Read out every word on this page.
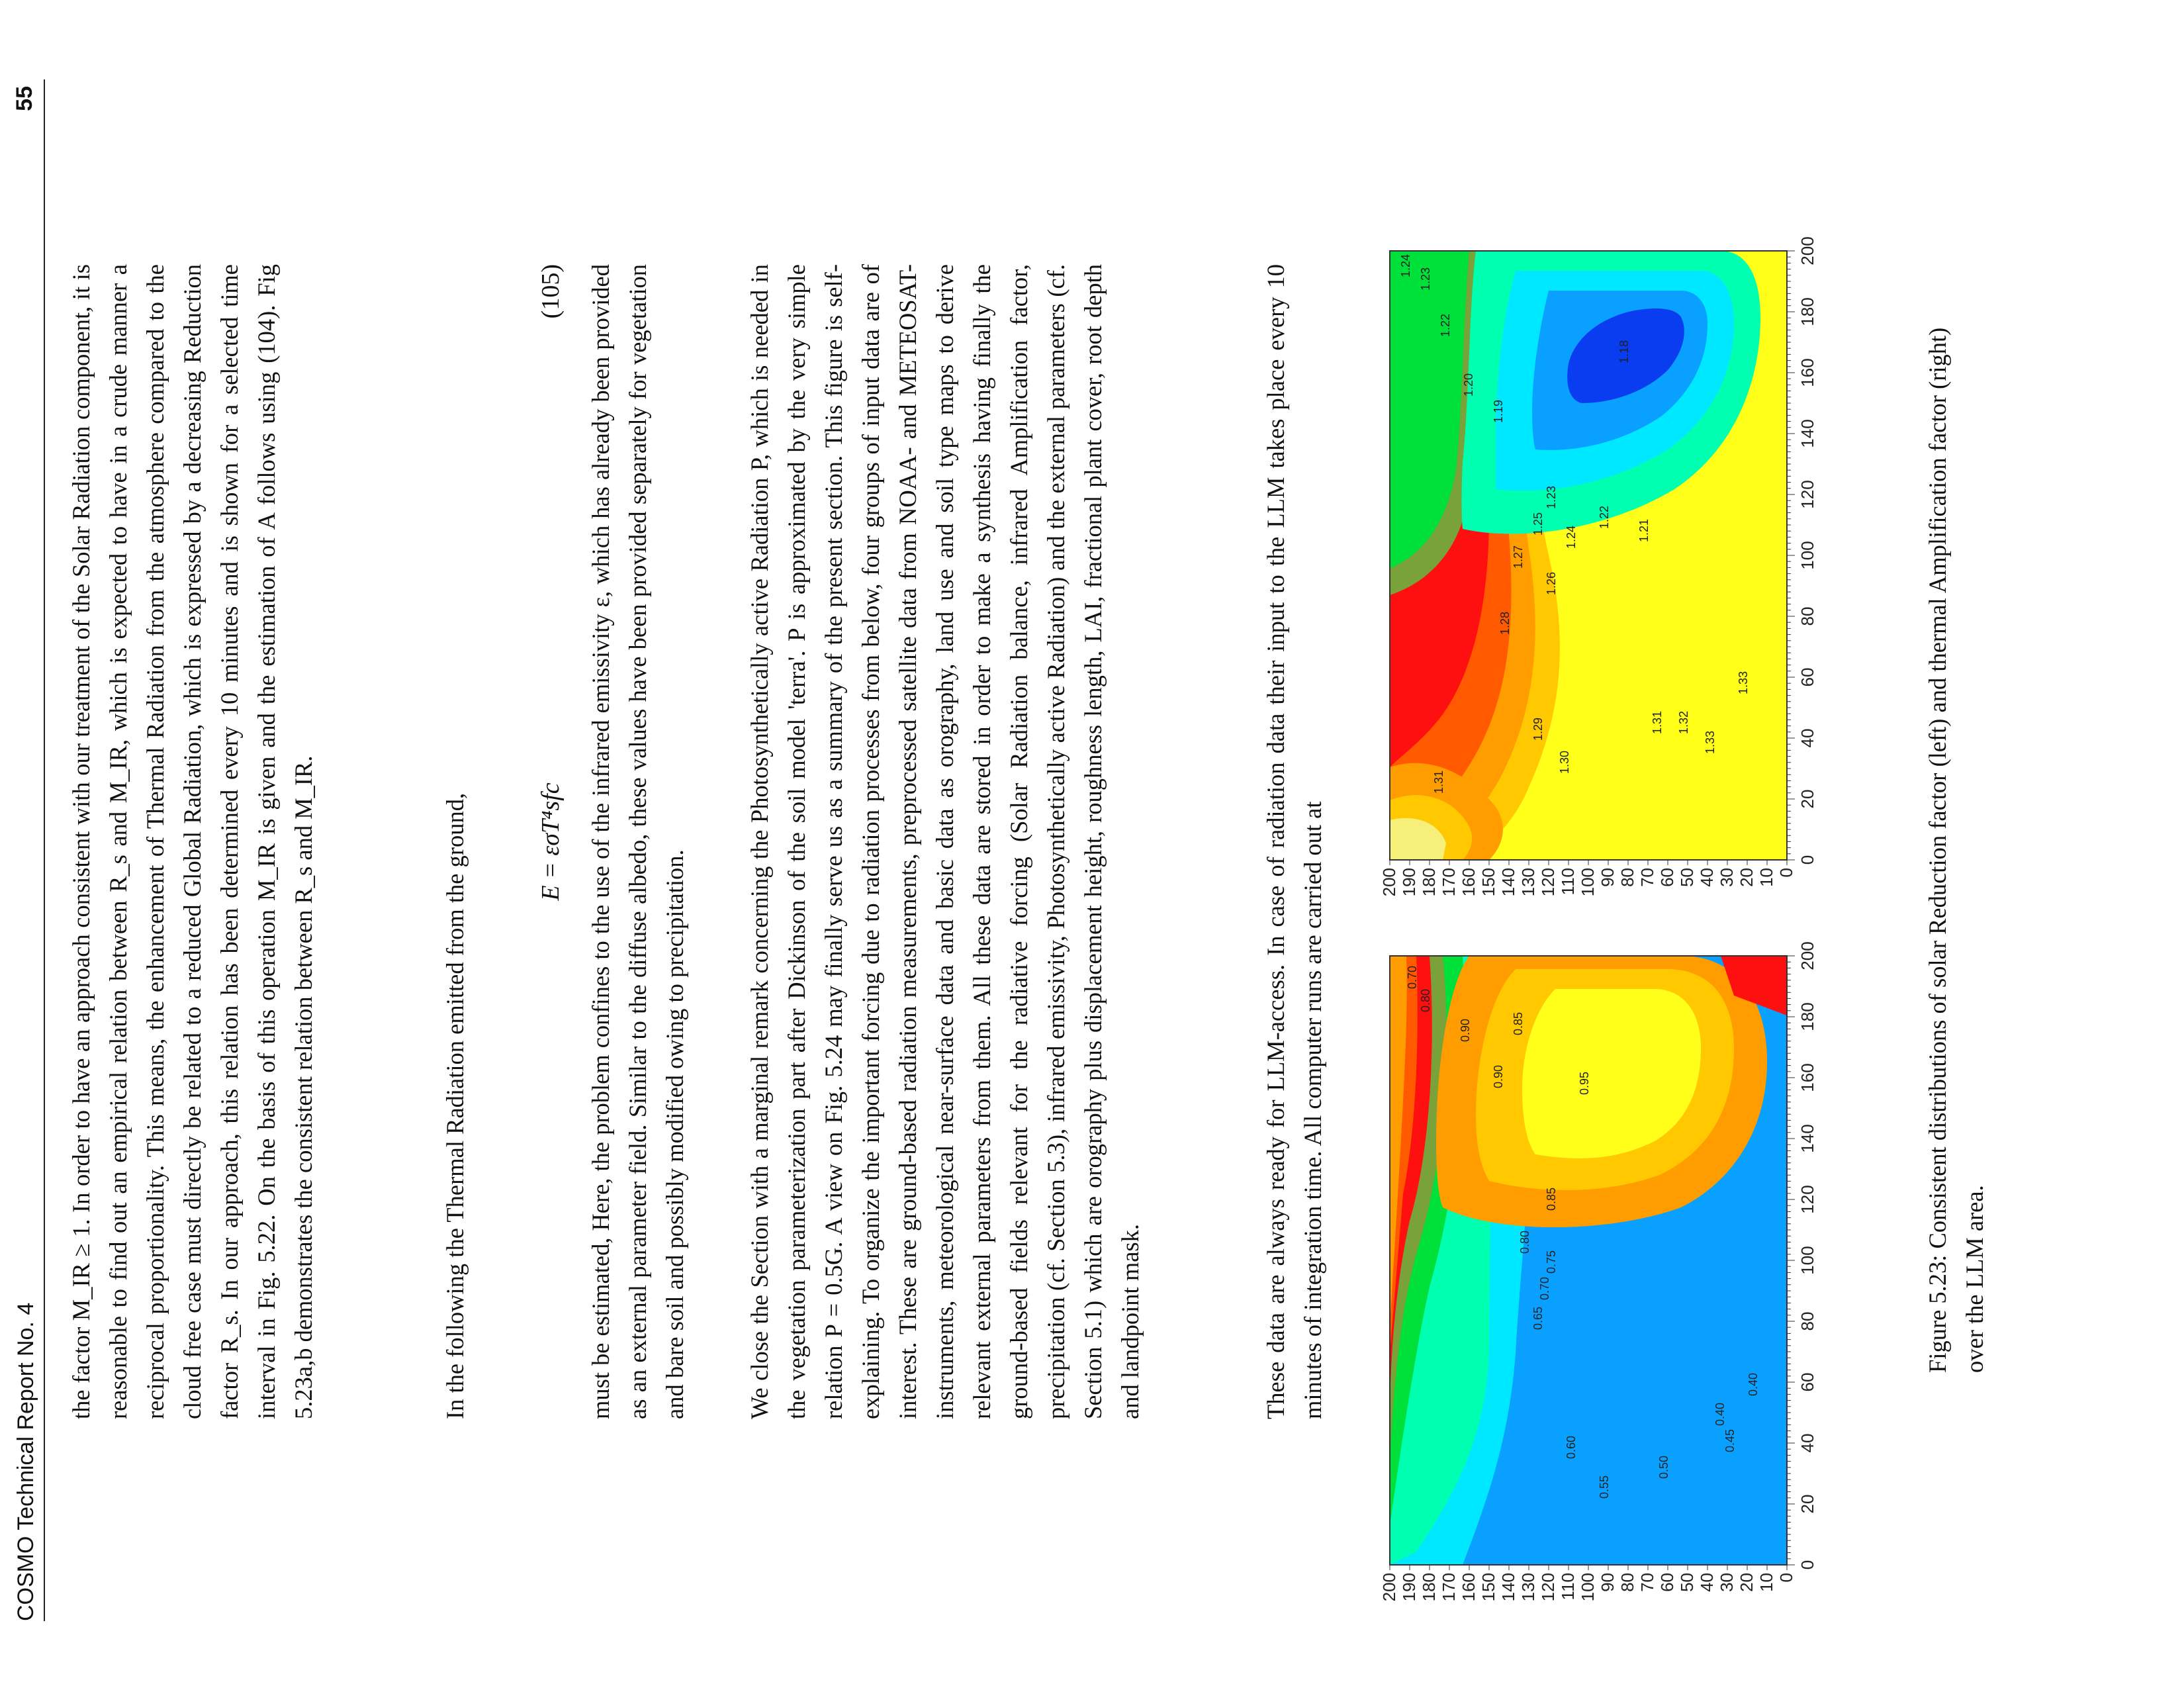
COSMO Technical Report No. 4
55

the factor M_IR ≥ 1. In order to have an approach consistent with our treatment of the Solar Radiation component, it is reasonable to find out an empirical relation between R_s and M_IR, which is expected to have in a crude manner a reciprocal proportionality. This means, the enhancement of Thermal Radiation from the atmosphere compared to the cloud free case must directly be related to a reduced Global Radiation, which is expressed by a decreasing Reduction factor R_s. In our approach, this relation has been determined every 10 minutes and is shown for a selected time interval in Fig. 5.22. On the basis of this operation M_IR is given and the estimation of A follows using (104). Fig 5.23a,b demonstrates the consistent relation between R_s and M_IR.	In the following the Thermal Radiation emitted from the ground,	E = εσT⁴sfc
(105) must be estimated, Here, the problem confines to the use of the infrared emissivity ε, which has already been provided as an external parameter field. Similar to the diffuse albedo, these values have been provided separately for vegetation and bare soil and possibly modified owing to precipitation. We close the Section with a marginal remark concerning the Photosynthetically active Radiation P, which is needed in the vegetation parameterization part after Dickinson of the soil model 'terra'. P is approximated by the very simple relation P = 0.5G. A view on Fig. 5.24 may finally serve us as a summary of the present section. This figure is self-explaining. To organize the important forcing due to radiation processes from below, four groups of input data are of interest. These are ground-based radiation measurements, preprocessed satellite data from NOAA- and METEOSAT-instruments, meteorological near-surface data and basic data as orography, land use and soil type maps to derive relevant external parameters from them. All these data are stored in order to make a synthesis having finally the ground-based fields relevant for the radiative forcing (Solar Radiation balance, infrared Amplification factor, precipitation (cf. Section 5.3), infrared emissivity, Photosynthetically active Radiation) and the external parameters (cf. Section 5.1) which are orography plus displacement height, roughness length, LAI, fractional plant cover, root depth and landpoint mask.	These data are always ready for LLM-access. In case of radiation data their input to the LLM takes place every 10 minutes of integration time. All computer runs are carried out at	0.40
0.45
0.40
0.50
0.55
0.60
0.65
0.70
0.75
0.80
0.85
0.90	0.95
0.90	0.85
0.80
0.70
0
20
40
60
80
100
120
140
160
180
200
200 190 180 170 160 150 140 130 120 110 100 90 80 70 60 50 40 30 20 10 0
1.33
1.33
1.32
1.31
1.30
1.29
1.28
1.26
1.27
1.25
1.24
1.23
1.22
1.21
1.19
1.18
1.20
1.22
1.23
1.24
1.31
0
20
40
60
80
100
120
140
160
180
200
200 190 180 170 160 150 140 130 120 110 100 90 80 70 60 50 40 30 20 10 0	Figure 5.23: Consistent distributions of solar Reduction factor (left) and thermal Amplification factor (right) over the LLM area.
